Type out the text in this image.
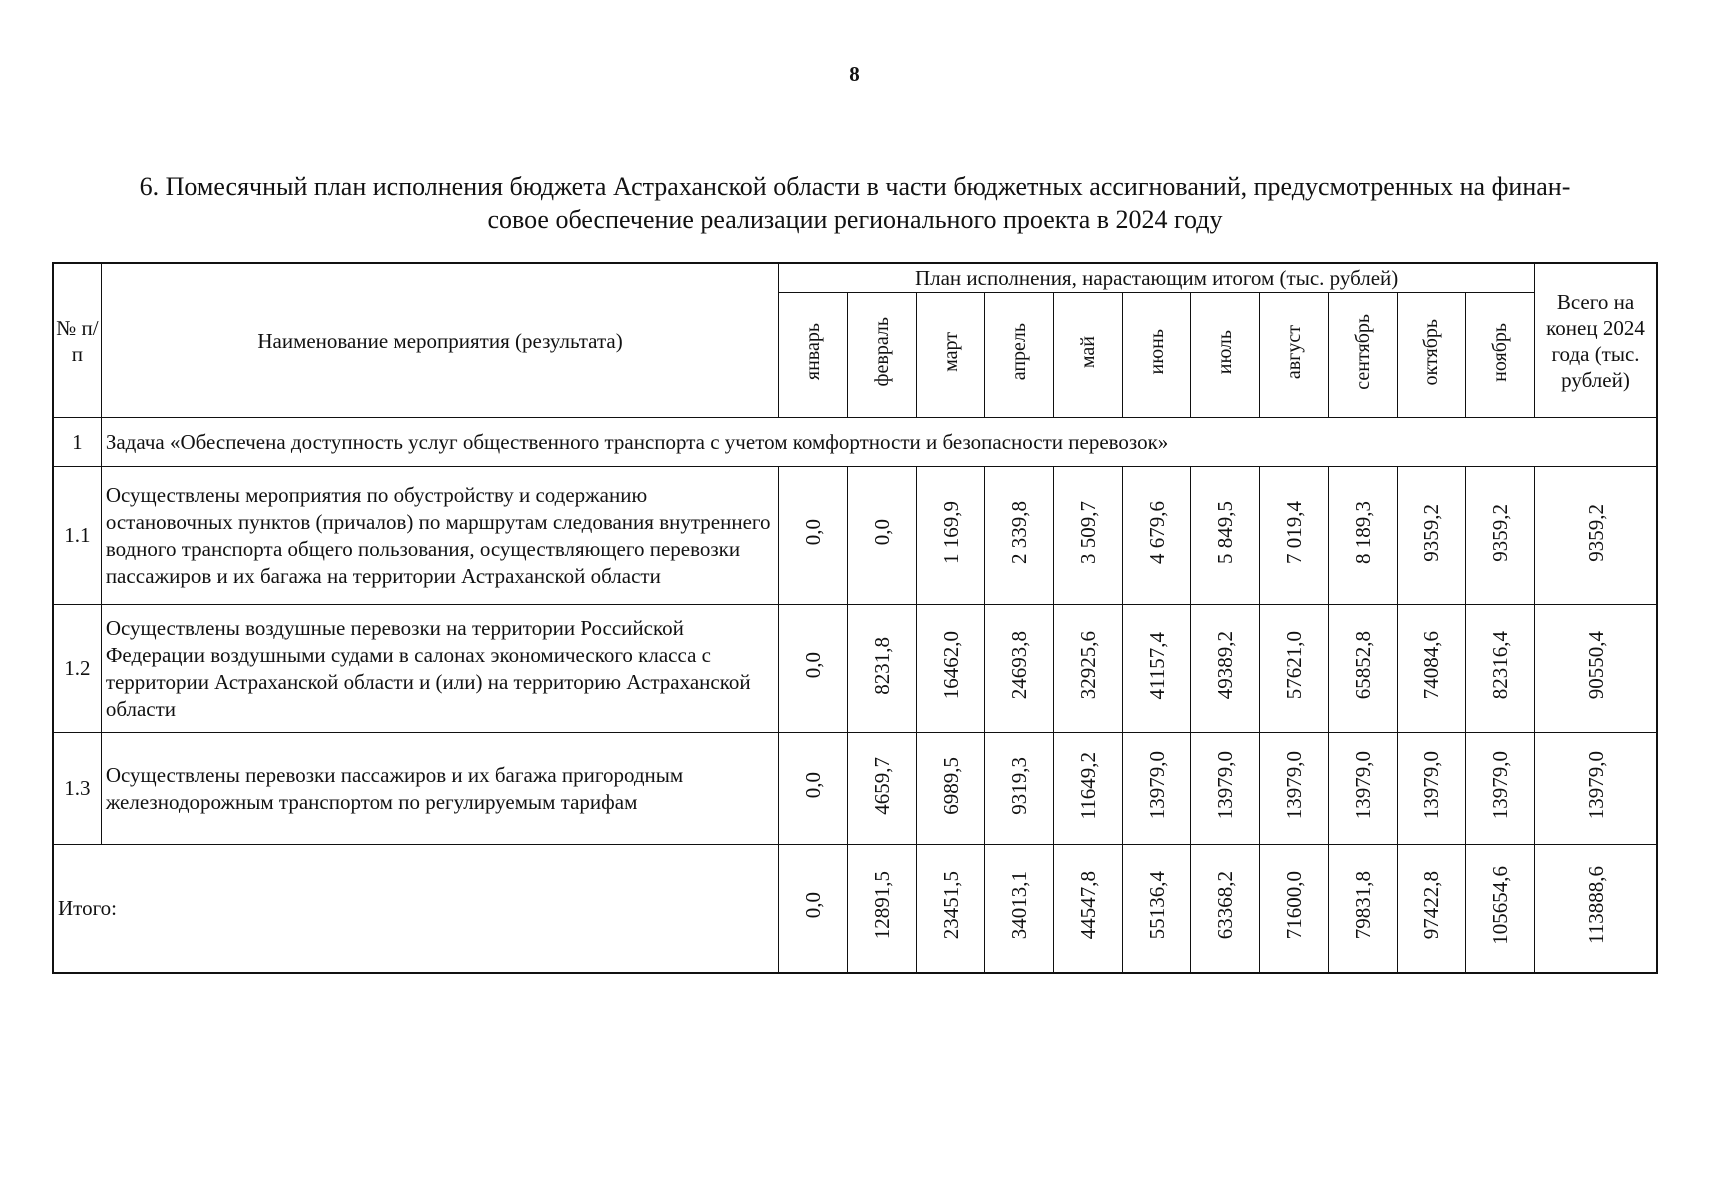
8
6. Помесячный план исполнения бюджета Астраханской области в части бюджетных ассигнований, предусмотренных на финан-
совое обеспечение реализации регионального проекта в 2024 году
№ п/п	Наименование мероприятия (результата)	План исполнения, нарастающим итогом (тыс. рублей)											Всего на конец 2024 года (тыс. рублей)
		январь	февраль	март	апрель	май	июнь	июль	август	сентябрь	октябрь	ноябрь	
1	Задача «Обеспечена доступность услуг общественного транспорта с учетом комфортности и безопасности перевозок»												
1.1	Осуществлены мероприятия по обустройству и содержанию остановочных пунктов (причалов) по маршрутам следования внутреннего водного транспорта общего пользования, осуществляющего перевозки пассажиров и их багажа на территории Астраханской области	0,0	0,0	1 169,9	2 339,8	3 509,7	4 679,6	5 849,5	7 019,4	8 189,3	9359,2	9359,2	9359,2
1.2	Осуществлены воздушные перевозки на территории Российской Федерации воздушными судами в салонах экономического класса с территории Астраханской области и (или) на территорию Астраханской области	0,0	8231,8	16462,0	24693,8	32925,6	41157,4	49389,2	57621,0	65852,8	74084,6	82316,4	90550,4
1.3	Осуществлены перевозки пассажиров и их багажа пригородным железнодорожным транспортом по регулируемым тарифам	0,0	4659,7	6989,5	9319,3	11649,2	13979,0	13979,0	13979,0	13979,0	13979,0	13979,0	13979,0
Итого:		0,0	12891,5	23451,5	34013,1	44547,8	55136,4	63368,2	71600,0	79831,8	97422,8	105654,6	113888,6
